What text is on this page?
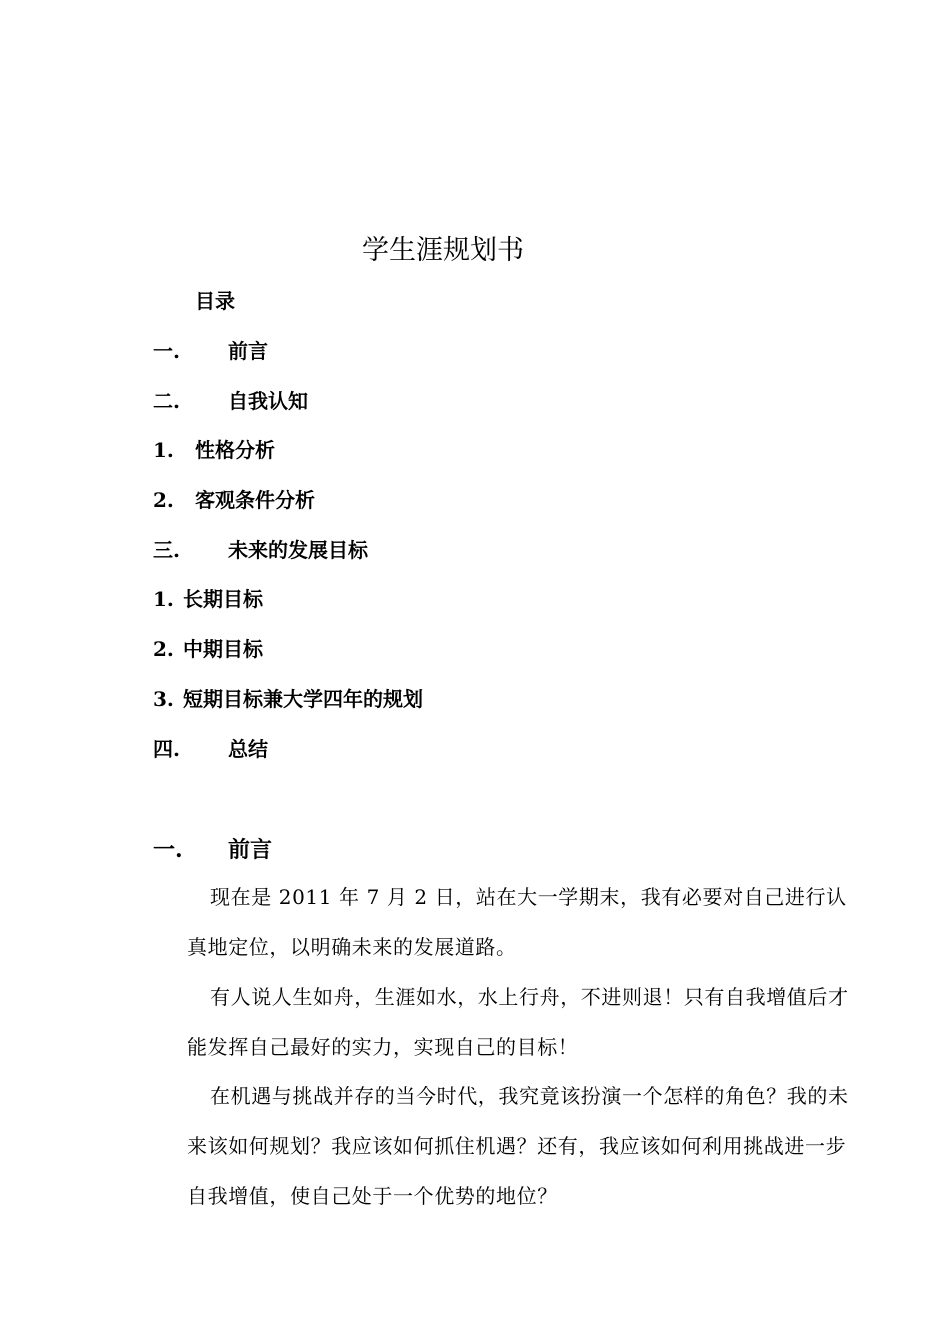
学生涯规划书
目录
一. 前言
二. 自我认知
1. 性格分析
2. 客观条件分析
三. 未来的发展目标
1. 长期目标
2. 中期目标
3. 短期目标兼大学四年的规划
四. 总结
一. 前言

现在是 2011 年 7 月 2 日，站在大一学期末，我有必要对自己进行认真地定位，以明确未来的发展道路。

有人说人生如舟，生涯如水，水上行舟，不进则退！只有自我增值后才能发挥自己最好的实力，实现自己的目标！

在机遇与挑战并存的当今时代，我究竟该扮演一个怎样的角色？我的未来该如何规划？我应该如何抓住机遇？还有，我应该如何利用挑战进一步自我增值，使自己处于一个优势的地位？
